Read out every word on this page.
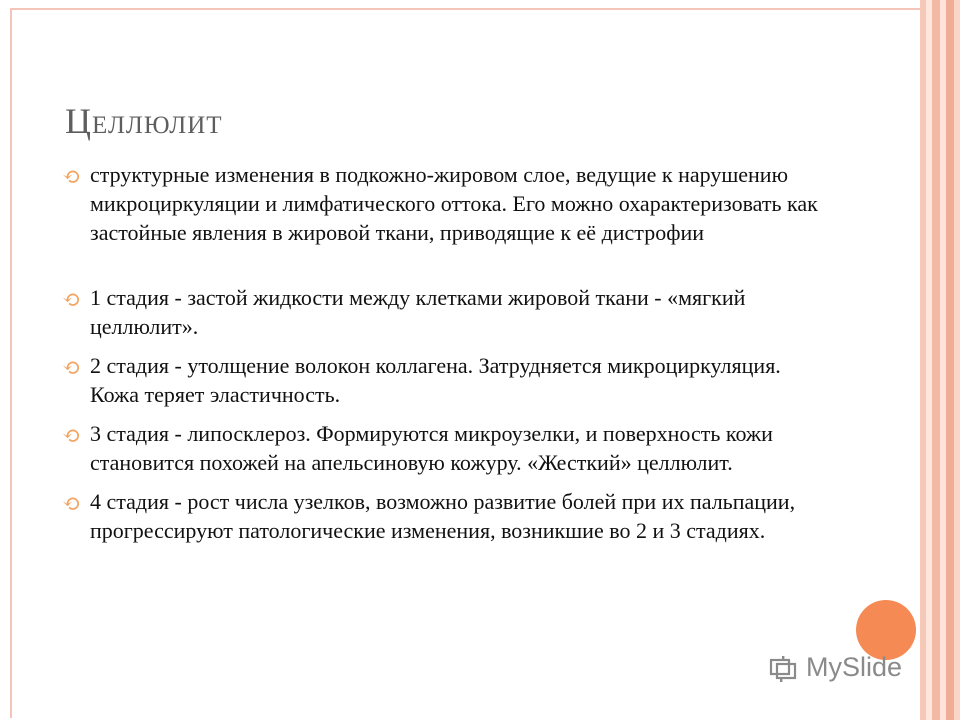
Целлюлит
⟲ структурные изменения в подкожно-жировом слое, ведущие к нарушению микроциркуляции и лимфатического оттока. Его можно охарактеризовать как застойные явления в жировой ткани, приводящие к её дистрофии
⟲ 1 стадия - застой жидкости между клетками жировой ткани - «мягкий целлюлит».
⟲ 2 стадия - утолщение волокон коллагена. Затрудняется микроциркуляция. Кожа теряет эластичность.
⟲ 3 стадия - липосклероз. Формируются микроузелки, и поверхность кожи становится похожей на апельсиновую кожуру. «Жесткий» целлюлит.
⟲ 4 стадия - рост числа узелков, возможно развитие болей при их пальпации, прогрессируют патологические изменения, возникшие во 2 и 3 стадиях.
MySlide
